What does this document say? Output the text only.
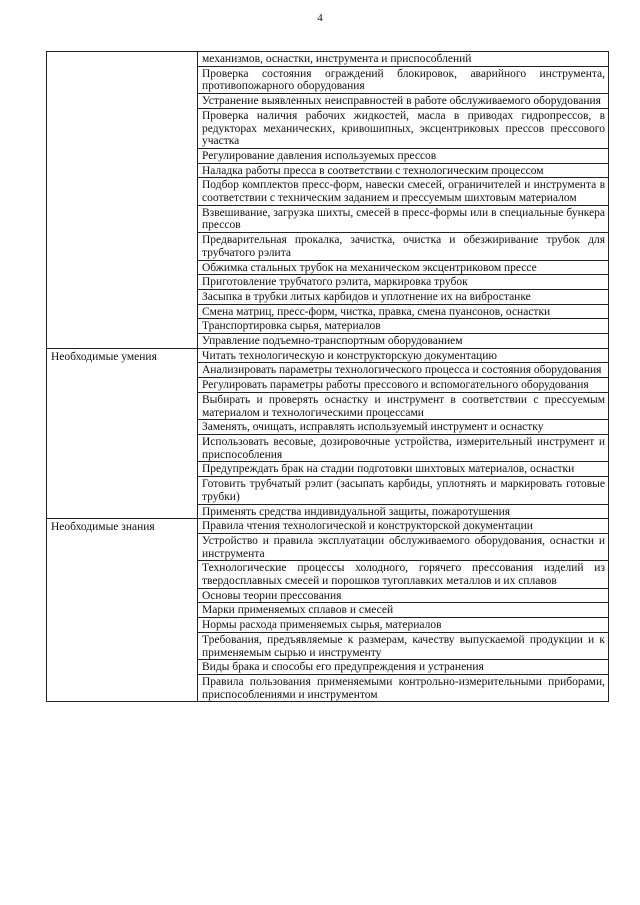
4
	механизмов, оснастки, инструмента и приспособлений
	Проверка состояния ограждений блокировок, аварийного инструмента, противопожарного оборудования
	Устранение выявленных неисправностей в работе обслуживаемого оборудования
	Проверка наличия рабочих жидкостей, масла в приводах гидропрессов, в редукторах механических, кривошипных, эксцентриковых прессов прессового участка
	Регулирование давления используемых прессов
	Наладка работы пресса в соответствии с технологическим процессом
	Подбор комплектов пресс-форм, навески смесей, ограничителей и инструмента в соответствии с техническим заданием и прессуемым шихтовым материалом
	Взвешивание, загрузка шихты, смесей в пресс-формы или в специальные бункера прессов
	Предварительная прокалка, зачистка, очистка и обезжиривание трубок для трубчатого рэлита
	Обжимка стальных трубок на механическом эксцентриковом прессе
	Приготовление трубчатого рэлита, маркировка трубок
	Засыпка в трубки литых карбидов и уплотнение их на вибростанке
	Смена матриц, пресс-форм, чистка, правка, смена пуансонов, оснастки
	Транспортировка сырья, материалов
	Управление подъемно-транспортным оборудованием
Необходимые умения	Читать технологическую и конструкторскую документацию
	Анализировать параметры технологического процесса и состояния оборудования
	Регулировать параметры работы прессового и вспомогательного оборудования
	Выбирать и проверять оснастку и инструмент в соответствии с прессуемым материалом и технологическими процессами
	Заменять, очищать, исправлять используемый инструмент и оснастку
	Использовать весовые, дозировочные устройства, измерительный инструмент и приспособления
	Предупреждать брак на стадии подготовки шихтовых материалов, оснастки
	Готовить трубчатый рэлит (засыпать карбиды, уплотнять и маркировать готовые трубки)
	Применять средства индивидуальной защиты, пожаротушения
Необходимые знания	Правила чтения технологической и конструкторской документации
	Устройство и правила эксплуатации обслуживаемого оборудования, оснастки и инструмента
	Технологические процессы холодного, горячего прессования изделий из твердосплавных смесей и порошков тугоплавких металлов и их сплавов
	Основы теории прессования
	Марки применяемых сплавов и смесей
	Нормы расхода применяемых сырья, материалов
	Требования, предъявляемые к размерам, качеству выпускаемой продукции и к применяемым сырью и инструменту
	Виды брака и способы его предупреждения и устранения
	Правила пользования применяемыми контрольно-измерительными приборами, приспособлениями и инструментом
